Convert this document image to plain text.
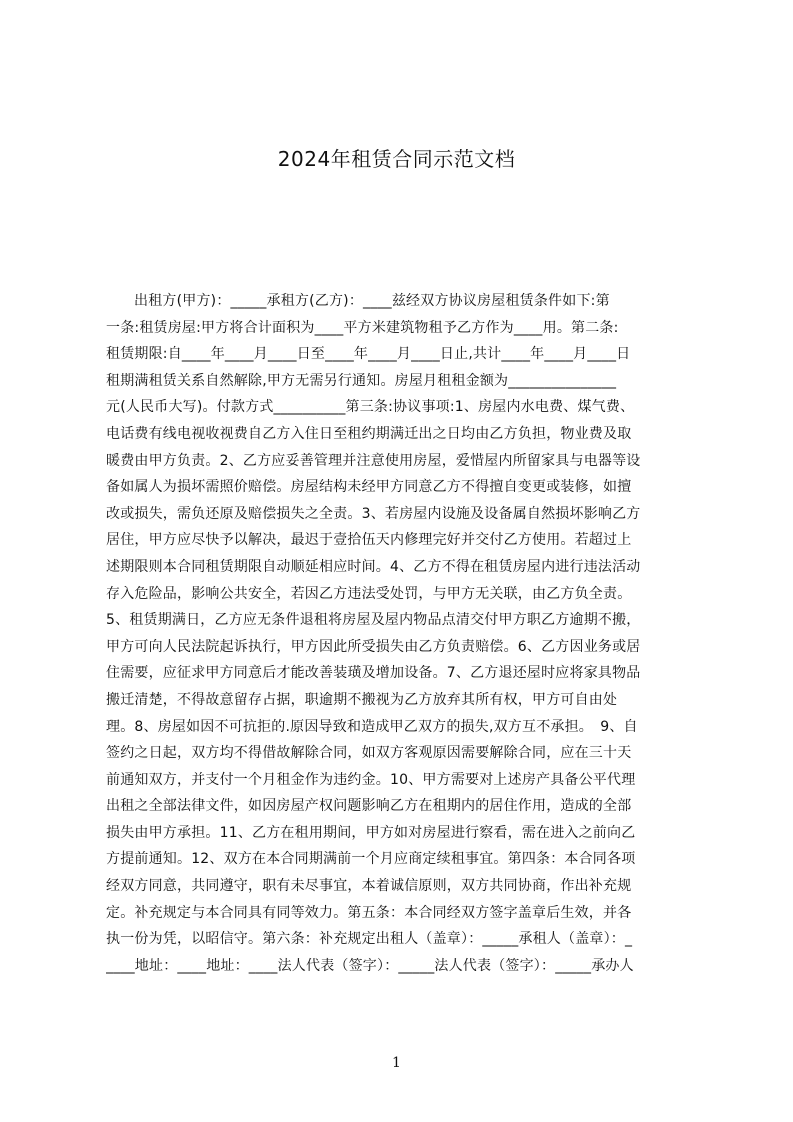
2024年租赁合同示范文档
出租方(甲方)：_____承租方(乙方)：____兹经双方协议房屋租赁条件如下:第
一条:租赁房屋:甲方将合计面积为____平方米建筑物租予乙方作为____用。第二条:
租赁期限:自____年____月____日至____年____月____日止,共计____年____月____日
租期满租赁关系自然解除,甲方无需另行通知。房屋月租租金额为_______________
元(人民币大写)。付款方式__________第三条:协议事项:1、房屋内水电费、煤气费、
电话费有线电视收视费自乙方入住日至租约期满迁出之日均由乙方负担，物业费及取
暖费由甲方负责。2、乙方应妥善管理并注意使用房屋，爱惜屋内所留家具与电器等设
备如属人为损坏需照价赔偿。房屋结构未经甲方同意乙方不得擅自变更或装修，如擅
改或损失，需负还原及赔偿损失之全责。3、若房屋内设施及设备属自然损坏影响乙方
居住，甲方应尽快予以解决，最迟于壹拾伍天内修理完好并交付乙方使用。若超过上
述期限则本合同租赁期限自动顺延相应时间。4、乙方不得在租赁房屋内进行违法活动
存入危险品，影响公共安全，若因乙方违法受处罚，与甲方无关联，由乙方负全责。
5、租赁期满日，乙方应无条件退租将房屋及屋内物品点清交付甲方职乙方逾期不搬，
甲方可向人民法院起诉执行，甲方因此所受损失由乙方负责赔偿。6、乙方因业务或居
住需要，应征求甲方同意后才能改善装璜及增加设备。7、乙方退还屋时应将家具物品
搬迁清楚，不得故意留存占据，职逾期不搬视为乙方放弃其所有权，甲方可自由处
理。8、房屋如因不可抗拒的.原因导致和造成甲乙双方的损失,双方互不承担。　9、自
签约之日起，双方均不得借故解除合同，如双方客观原因需要解除合同，应在三十天
前通知双方，并支付一个月租金作为违约金。10、甲方需要对上述房产具备公平代理
出租之全部法律文件，如因房屋产权问题影响乙方在租期内的居住作用，造成的全部
损失由甲方承担。11、乙方在租用期间，甲方如对房屋进行察看，需在进入之前向乙
方提前通知。12、双方在本合同期满前一个月应商定续租事宜。第四条：本合同各项
经双方同意，共同遵守，职有未尽事宜，本着诚信原则，双方共同协商，作出补充规
定。补充规定与本合同具有同等效力。第五条：本合同经双方签字盖章后生效，并各
执一份为凭，以昭信守。第六条：补充规定出租人（盖章）：_____承租人（盖章）：_
____地址：____地址：____法人代表（签字）：_____法人代表（签字）：_____承办人
1
